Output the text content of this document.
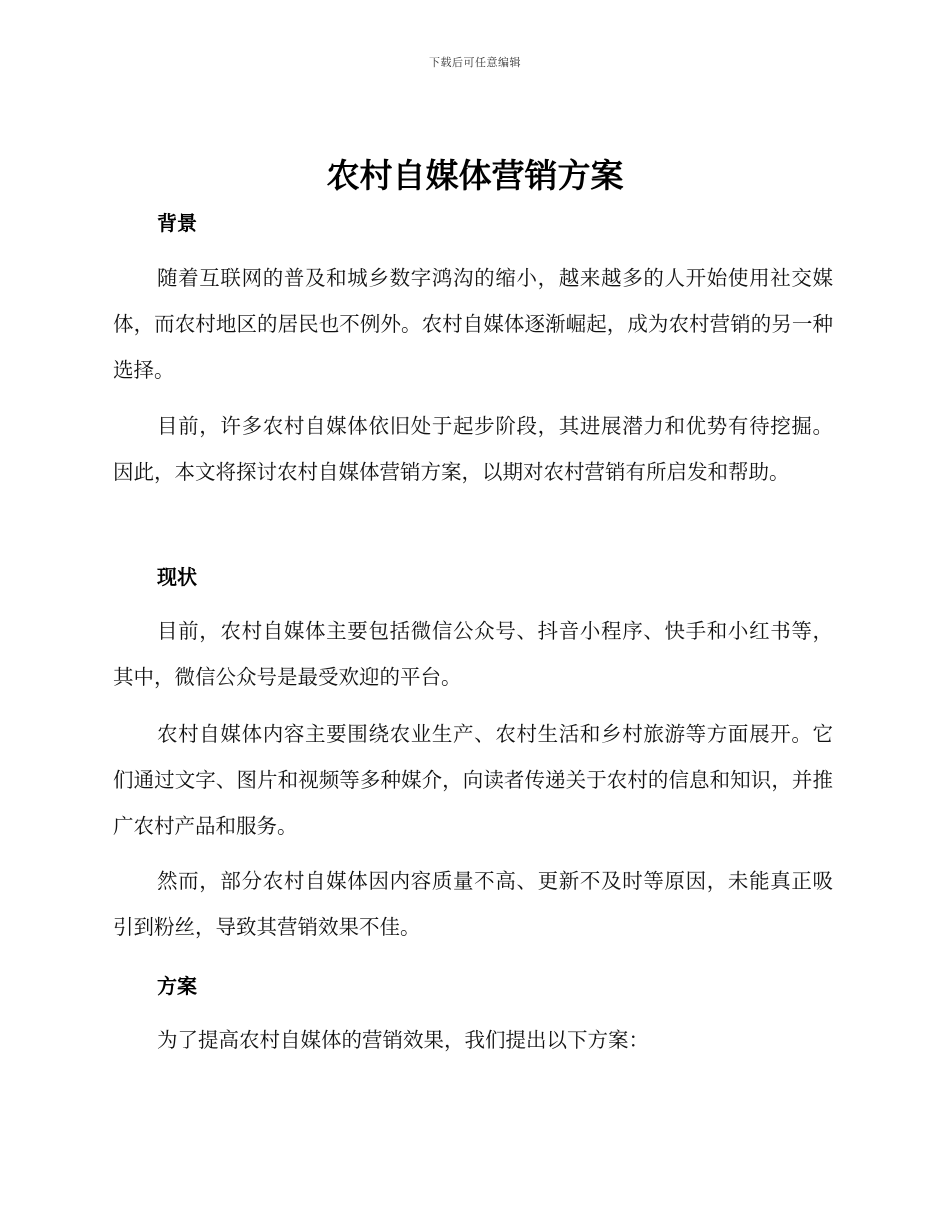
下载后可任意编辑
农村自媒体营销方案
背景

随着互联网的普及和城乡数字鸿沟的缩小，越来越多的人开始使用社交媒体，而农村地区的居民也不例外。农村自媒体逐渐崛起，成为农村营销的另一种选择。

目前，许多农村自媒体依旧处于起步阶段，其进展潜力和优势有待挖掘。因此，本文将探讨农村自媒体营销方案，以期对农村营销有所启发和帮助。

现状

目前，农村自媒体主要包括微信公众号、抖音小程序、快手和小红书等，其中，微信公众号是最受欢迎的平台。

农村自媒体内容主要围绕农业生产、农村生活和乡村旅游等方面展开。它们通过文字、图片和视频等多种媒介，向读者传递关于农村的信息和知识，并推广农村产品和服务。

然而，部分农村自媒体因内容质量不高、更新不及时等原因，未能真正吸引到粉丝，导致其营销效果不佳。

方案

为了提高农村自媒体的营销效果，我们提出以下方案：
